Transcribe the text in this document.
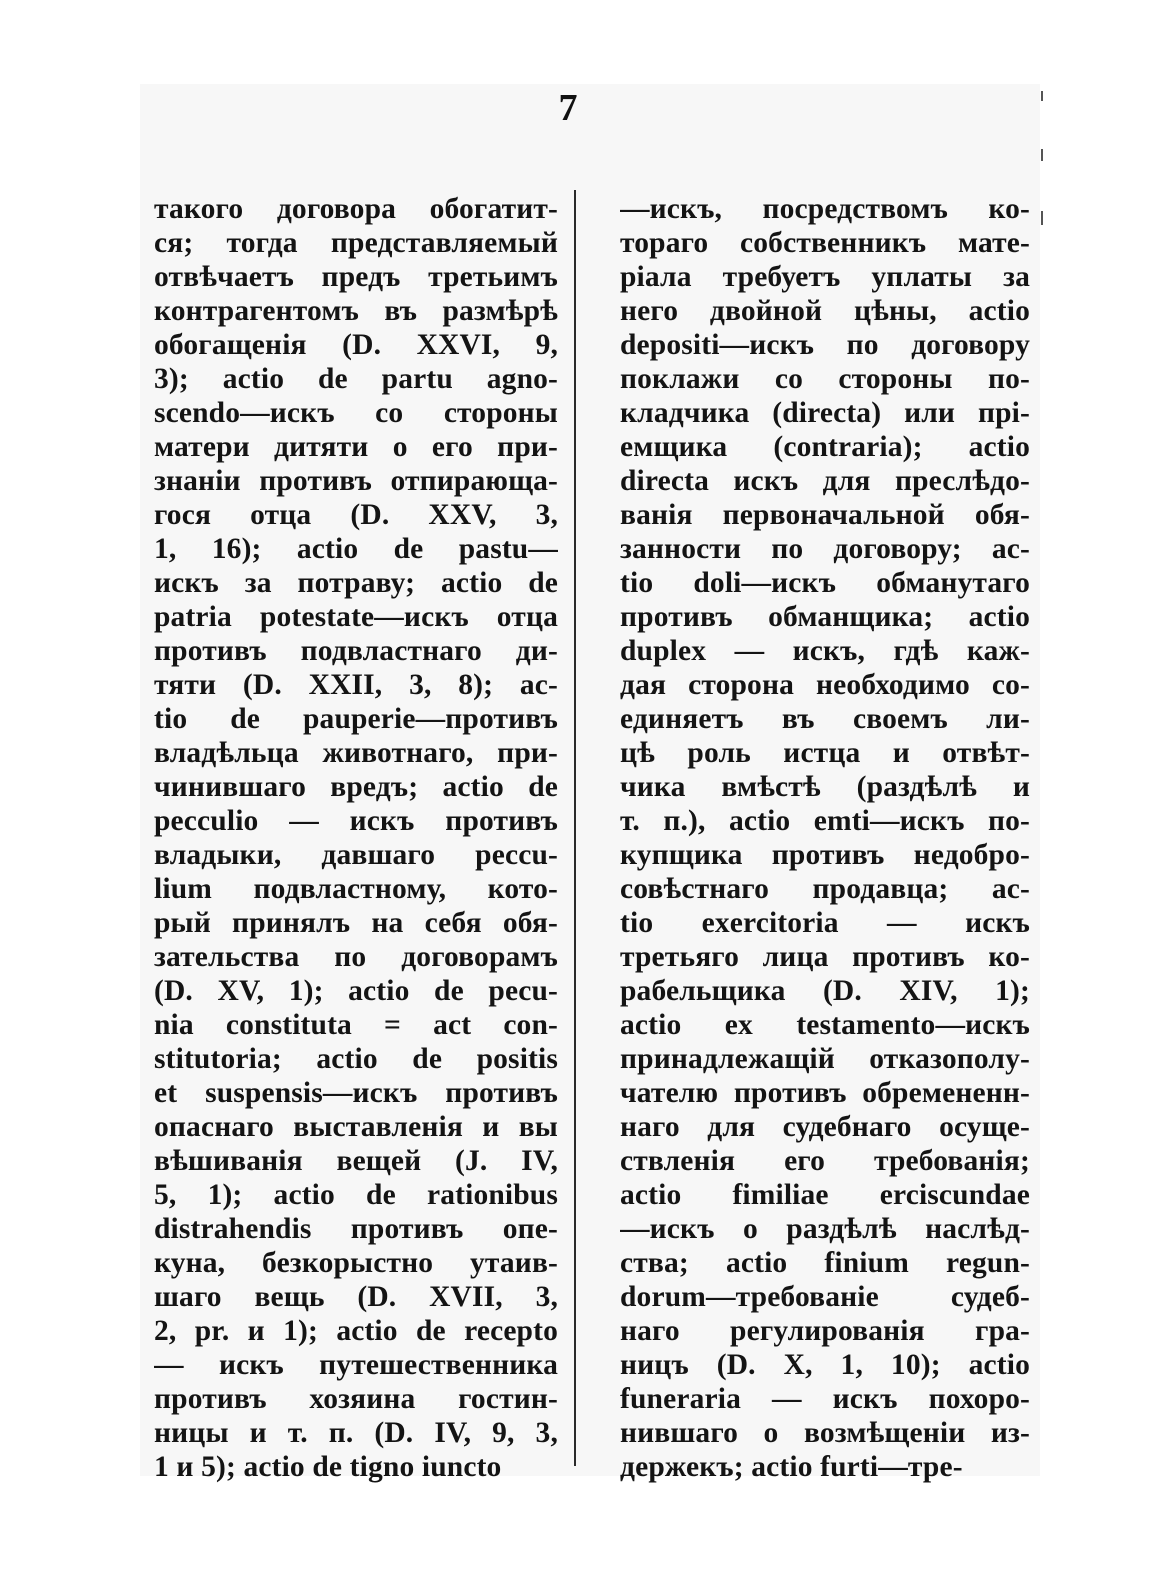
7
такого договора обогатит-
ся; тогда представляемый
отвѣчаетъ предъ третьимъ
контрагентомъ въ размѣрѣ
обогащенія (D. XXVI, 9,
3); actio de partu agno-
scendo—искъ со стороны
матери дитяти о его при-
знаніи противъ отпирающа-
гося отца (D. XXV, 3,
1, 16); actio de pastu—
искъ за потраву; actio de
patria potestate—искъ отца
противъ подвластнаго ди-
тяти (D. XXII, 3, 8); ac-
tio de pauperie—противъ
владѣльца животнаго, при-
чинившаго вредъ; actio de
pecculio — искъ противъ
владыки, давшаго peccu-
lium подвластному, кото-
рый принялъ на себя обя-
зательства по договорамъ
(D. XV, 1); actio de pecu-
nia constituta = act con-
stitutoria; actio de positis
et suspensis—искъ противъ
опаснаго выставленія и вы
вѣшиванія вещей (J. IV,
5, 1); actio de rationibus
distrahendis противъ опе-
куна, безкорыстно утаив-
шаго вещь (D. XVII, 3,
2, pr. и 1); actio de recepto
— искъ путешественника
противъ хозяина гостин-
ницы и т. п. (D. IV, 9, 3,
1 и 5); actio de tigno iuncto
—искъ, посредствомъ ко-
тораго собственникъ мате-
ріала требуетъ уплаты за
него двойной цѣны, actio
depositi—искъ по договору
поклажи со стороны по-
кладчика (directa) или прі-
емщика (contraria); actio
directa искъ для преслѣдо-
ванія первоначальной обя-
занности по договору; ac-
tio doli—искъ обманутаго
противъ обманщика; actio
duplex — искъ, гдѣ каж-
дая сторона необходимо со-
единяетъ въ своемъ ли-
цѣ роль истца и отвѣт-
чика вмѣстѣ (раздѣлѣ и
т. п.), actio emti—искъ по-
купщика противъ недобро-
совѣстнаго продавца; ac-
tio exercitoria — искъ
третьяго лица противъ ко-
рабельщика (D. XIV, 1);
actio ex testamento—искъ
принадлежащій отказополу-
чателю противъ обремененн-
наго для судебнаго осуще-
ствленія его требованія;
actio fimiliae erciscundae
—искъ о раздѣлѣ наслѣд-
ства; actio finium regun-
dorum—требованіе судеб-
наго регулированія гра-
ницъ (D. X, 1, 10); actio
funeraria — искъ похоро-
нившаго о возмѣщеніи из-
держекъ; actio furti—тре-
